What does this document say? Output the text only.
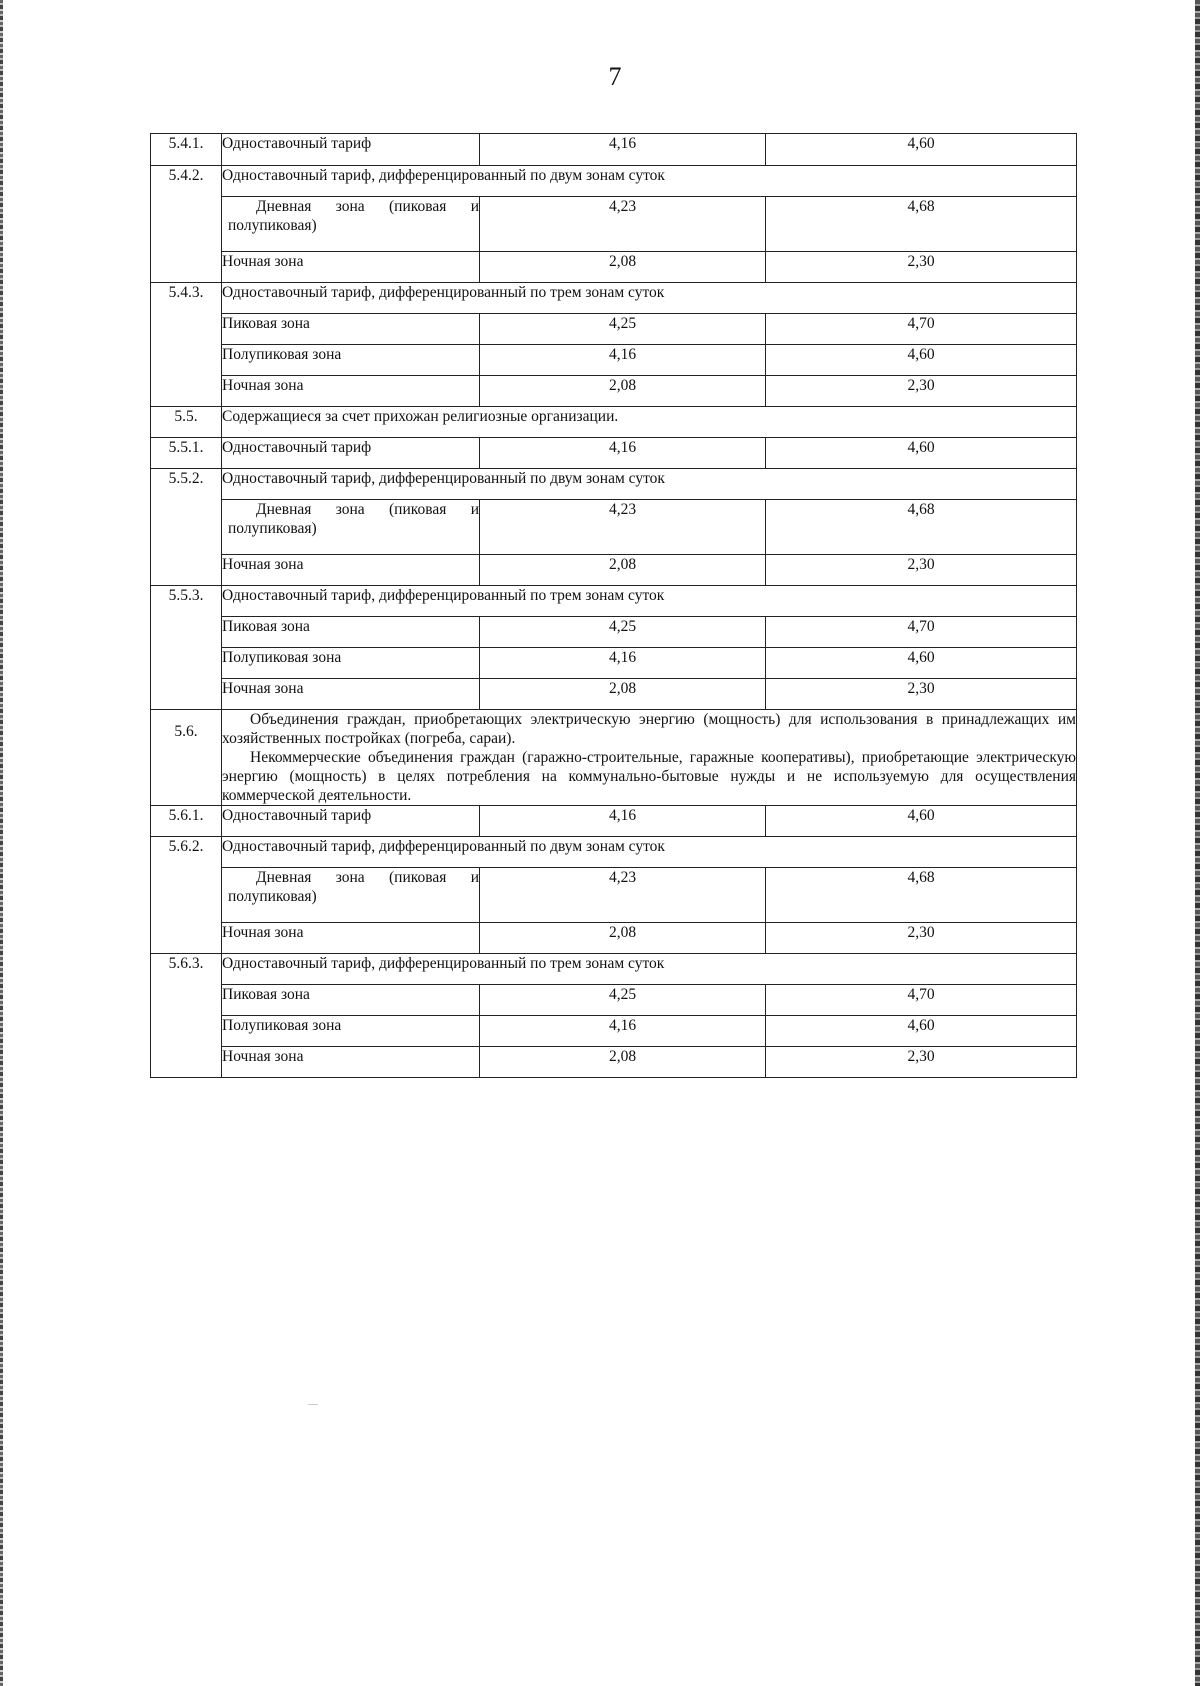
7
5.4.1.	Одноставочный тариф	4,16	4,60
5.4.2.	Одноставочный тариф, дифференцированный по двум зонам суток		

	Дневная зона (пиковая и полупиковая)	4,23	4,68
	Ночная зона	2,08	2,30
5.4.3.	Одноставочный тариф, дифференцированный по трем зонам суток		
	Пиковая зона	4,25	4,70
	Полупиковая зона	4,16	4,60
	Ночная зона	2,08	2,30
5.5.	Содержащиеся за счет прихожан религиозные организации.		
5.5.1.	Одноставочный тариф	4,16	4,60
5.5.2.	Одноставочный тариф, дифференцированный по двум зонам суток		

	Дневная зона (пиковая и полупиковая)	4,23	4,68
	Ночная зона	2,08	2,30
5.5.3.	Одноставочный тариф, дифференцированный по трем зонам суток		
	Пиковая зона	4,25	4,70
	Полупиковая зона	4,16	4,60
	Ночная зона	2,08	2,30
5.6.	Объединения граждан, приобретающих электрическую энергию (мощность) для использования в принадлежащих им хозяйственных постройках (погреба, сараи).
Некоммерческие объединения граждан (гаражно-строительные, гаражные кооперативы), приобретающие электрическую энергию (мощность) в целях потребления на коммунально-бытовые нужды и не используемую для осуществления коммерческой деятельности.		

5.6.1.	Одноставочный тариф	4,16	4,60
5.6.2.	Одноставочный тариф, дифференцированный по двум зонам суток		

	Дневная зона (пиковая и полупиковая)	4,23	4,68
	Ночная зона	2,08	2,30
5.6.3.	Одноставочный тариф, дифференцированный по трем зонам суток		
	Пиковая зона	4,25	4,70
	Полупиковая зона	4,16	4,60
	Ночная зона	2,08	2,30
